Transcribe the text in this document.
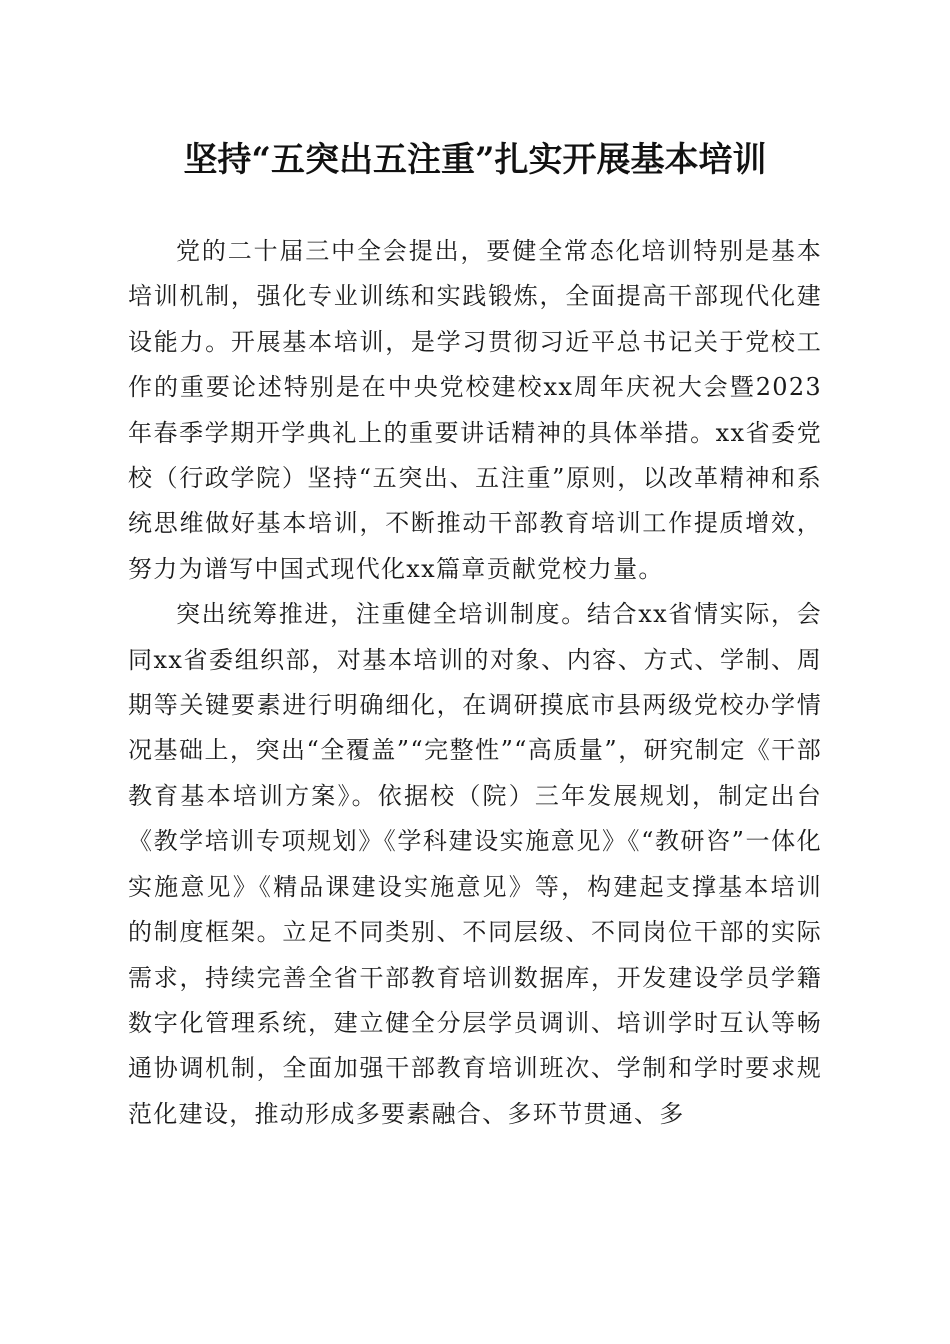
坚持“五突出五注重”扎实开展基本培训

党的二十届三中全会提出，要健全常态化培训特别是基本培训机制，强化专业训练和实践锻炼，全面提高干部现代化建设能力。开展基本培训，是学习贯彻习近平总书记关于党校工作的重要论述特别是在中央党校建校xx周年庆祝大会暨2023年春季学期开学典礼上的重要讲话精神的具体举措。xx省委党校（行政学院）坚持“五突出、五注重”原则，以改革精神和系统思维做好基本培训，不断推动干部教育培训工作提质增效，努力为谱写中国式现代化xx篇章贡献党校力量。

突出统筹推进，注重健全培训制度。结合xx省情实际，会同xx省委组织部，对基本培训的对象、内容、方式、学制、周期等关键要素进行明确细化，在调研摸底市县两级党校办学情况基础上，突出“全覆盖”“完整性”“高质量”，研究制定《干部教育基本培训方案》。依据校（院）三年发展规划，制定出台《教学培训专项规划》《学科建设实施意见》《“教研咨”一体化实施意见》《精品课建设实施意见》等，构建起支撑基本培训的制度框架。立足不同类别、不同层级、不同岗位干部的实际需求，持续完善全省干部教育培训数据库，开发建设学员学籍数字化管理系统，建立健全分层学员调训、培训学时互认等畅通协调机制，全面加强干部教育培训班次、学制和学时要求规范化建设，推动形成多要素融合、多环节贯通、多
